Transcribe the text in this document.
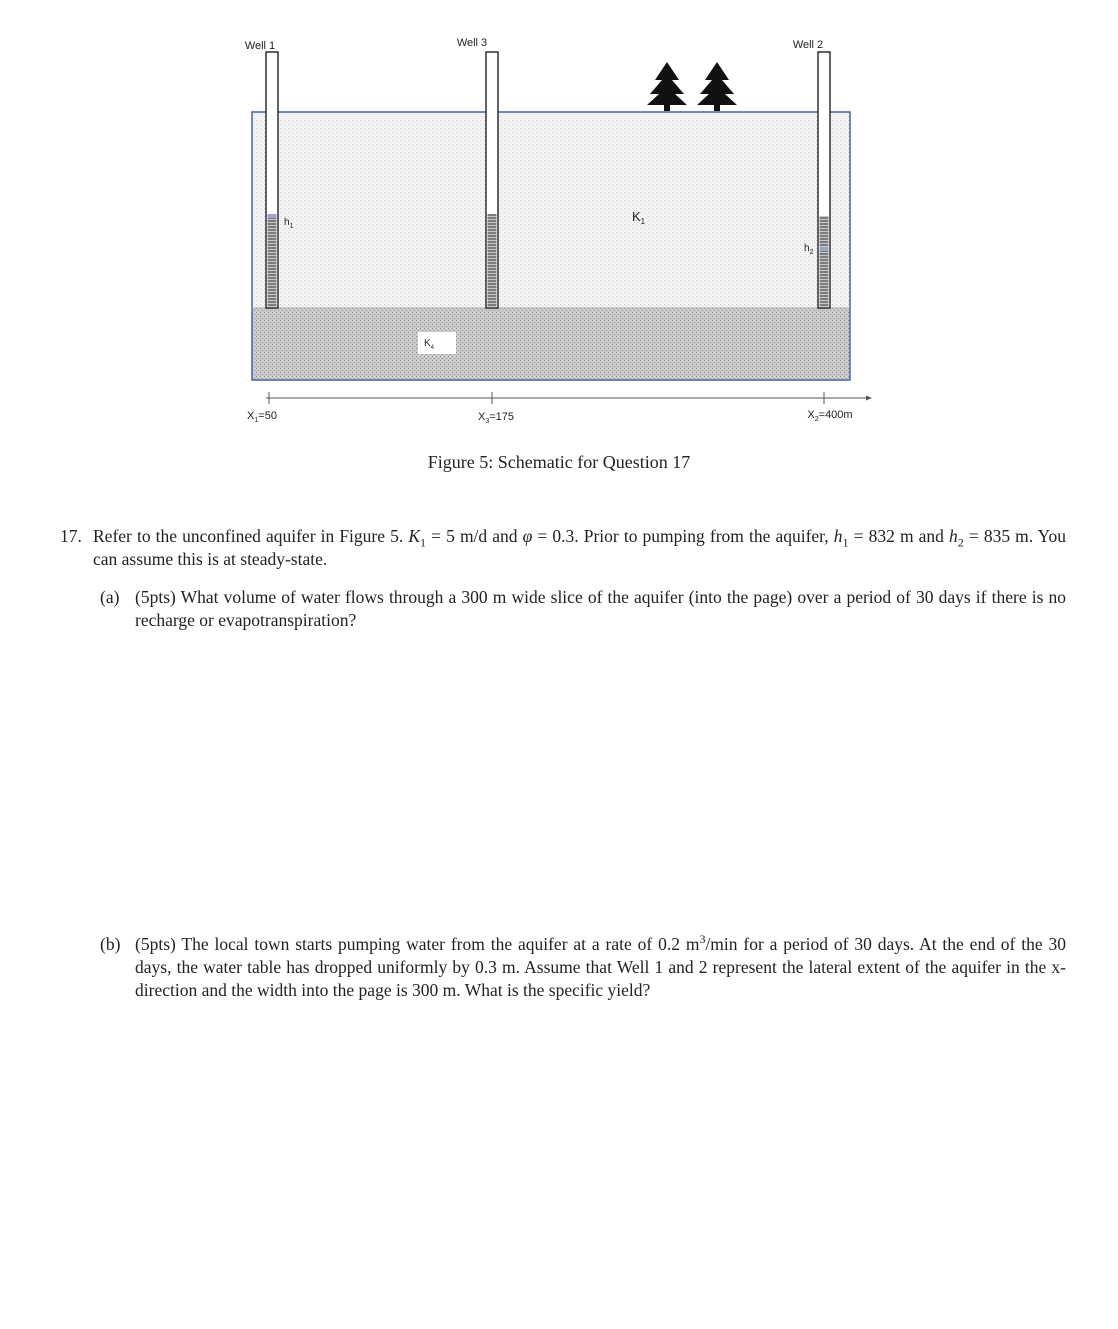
Well 1
$h_1$
Well 3	Well 2
$h_2$
$K_1$
$K_4$
$X_1=50$	$X_3=175$	$X_2=400m$
Figure 5: Schematic for Question 17
17. Refer to the unconfined aquifer in Figure 5. $K_1 = 5$ m/d and φ = 0.3. Prior to pumping from the aquifer, $h_1 = 832$ m and $h_2 = 835$ m. You can assume this is at steady-state.
(a) (5pts) What volume of water flows through a 300 m wide slice of the aquifer (into the page) over a period of 30 days if there is no recharge or evapotranspiration?
(b) (5pts) The local town starts pumping water from the aquifer at a rate of 0.2 $m^3/\min$ for a period of 30 days. At the end of the 30 days, the water table has dropped uniformly by 0.3 m. Assume that Well 1 and 2 represent the lateral extent of the aquifer in the x-direction and the width into the page is 300 m. What is the specific yield?
